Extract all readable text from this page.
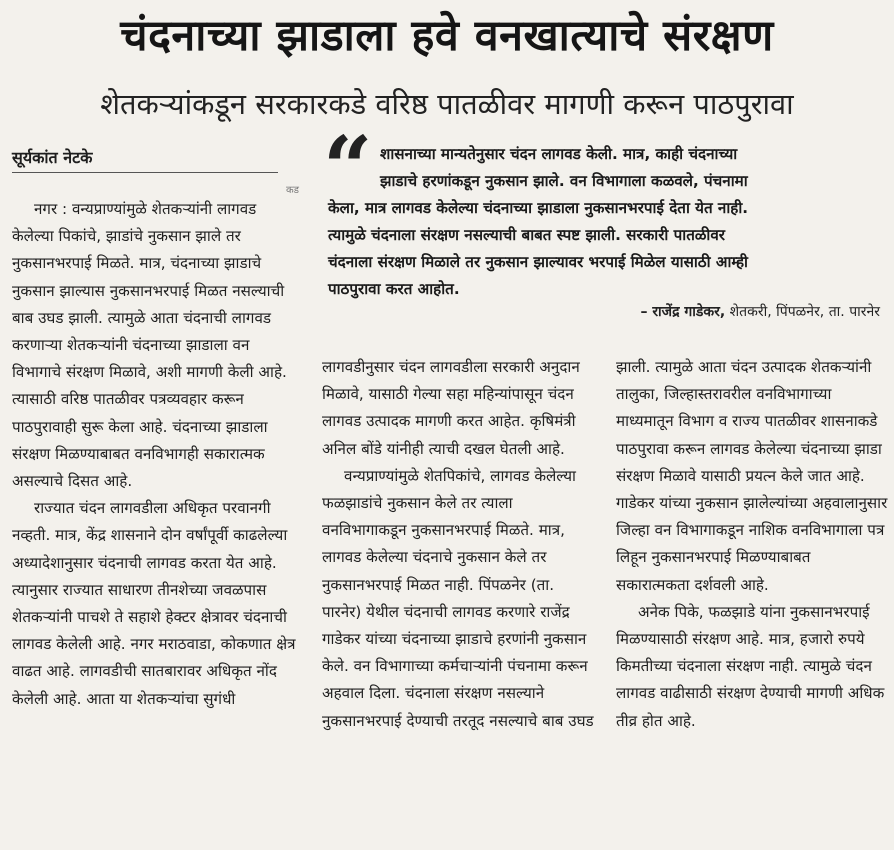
चंदनाच्या झाडाला हवे वनखात्याचे संरक्षण
शेतकऱ्यांकडून सरकारकडे वरिष्ठ पातळीवर मागणी करून पाठपुरावा
सूर्यकांत नेटके
कड

नगर : वन्यप्राण्यांमुळे शेतकऱ्यांनी लागवड केलेल्या पिकांचे, झाडांचे नुकसान झाले तर नुकसानभरपाई मिळते. मात्र, चंदनाच्या झाडाचे नुकसान झाल्यास नुकसानभरपाई मिळत नसल्याची बाब उघड झाली. त्यामुळे आता चंदनाची लागवड करणाऱ्या शेतकऱ्यांनी चंदनाच्या झाडाला वन विभागाचे संरक्षण मिळावे, अशी मागणी केली आहे. त्यासाठी वरिष्ठ पातळीवर पत्रव्यवहार करून पाठपुरावाही सुरू केला आहे. चंदनाच्या झाडाला संरक्षण मिळण्याबाबत वनविभागही सकारात्मक असल्याचे दिसत आहे.

राज्यात चंदन लागवडीला अधिकृत परवानगी नव्हती. मात्र, केंद्र शासनाने दोन वर्षांपूर्वी काढलेल्या अध्यादेशानुसार चंदनाची लागवड करता येत आहे. त्यानुसार राज्यात साधारण तीनशेच्या जवळपास शेतकऱ्यांनी पाचशे ते सहाशे हेक्टर क्षेत्रावर चंदनाची लागवड केलेली आहे. नगर मराठवाडा, कोकणात क्षेत्र वाढत आहे. लागवडीची सातबारावर अधिकृत नोंद केलेली आहे. आता या शेतकऱ्यांचा सुगंधी

“ शासनाच्या मान्यतेनुसार चंदन लागवड केली. मात्र, काही चंदनाच्या
झाडाचे हरणांकडून नुकसान झाले. वन विभागाला कळवले, पंचनामा
केला, मात्र लागवड केलेल्या चंदनाच्या झाडाला नुकसानभरपाई देता येत नाही.
त्यामुळे चंदनाला संरक्षण नसल्याची बाबत स्पष्ट झाली. सरकारी पातळीवर
चंदनाला संरक्षण मिळाले तर नुकसान झाल्यावर भरपाई मिळेल यासाठी आम्ही
पाठपुरावा करत आहोत.
– राजेंद्र गाडेकर, शेतकरी, पिंपळनेर, ता. पारनेर

लागवडीनुसार चंदन लागवडीला सरकारी अनुदान मिळावे, यासाठी गेल्या सहा महिन्यांपासून चंदन लागवड उत्पादक मागणी करत आहेत. कृषिमंत्री अनिल बोंडे यांनीही त्याची दखल घेतली आहे.

वन्यप्राण्यांमुळे शेतपिकांचे, लागवड केलेल्या फळझाडांचे नुकसान केले तर त्याला वनविभागाकडून नुकसानभरपाई मिळते. मात्र, लागवड केलेल्या चंदनाचे नुकसान केले तर नुकसानभरपाई मिळत नाही. पिंपळनेर (ता. पारनेर) येथील चंदनाची लागवड करणारे राजेंद्र गाडेकर यांच्या चंदनाच्या झाडाचे हरणांनी नुकसान केले. वन विभागाच्या कर्मचाऱ्यांनी पंचनामा करून अहवाल दिला. चंदनाला संरक्षण नसल्याने नुकसानभरपाई देण्याची तरतूद नसल्याचे बाब उघड

झाली. त्यामुळे आता चंदन उत्पादक शेतकऱ्यांनी तालुका, जिल्हास्तरावरील वनविभागाच्या माध्यमातून विभाग व राज्य पातळीवर शासनाकडे पाठपुरावा करून लागवड केलेल्या चंदनाच्या झाडा संरक्षण मिळावे यासाठी प्रयत्न केले जात आहे. गाडेकर यांच्या नुकसान झालेल्यांच्या अहवालानुसार जिल्हा वन विभागाकडून नाशिक वनविभागाला पत्र लिहून नुकसानभरपाई मिळण्याबाबत सकारात्मकता दर्शवली आहे.

अनेक पिके, फळझाडे यांना नुकसानभरपाई मिळण्यासाठी संरक्षण आहे. मात्र, हजारो रुपये किमतीच्या चंदनाला संरक्षण नाही. त्यामुळे चंदन लागवड वाढीसाठी संरक्षण देण्याची मागणी अधिक तीव्र होत आहे.
